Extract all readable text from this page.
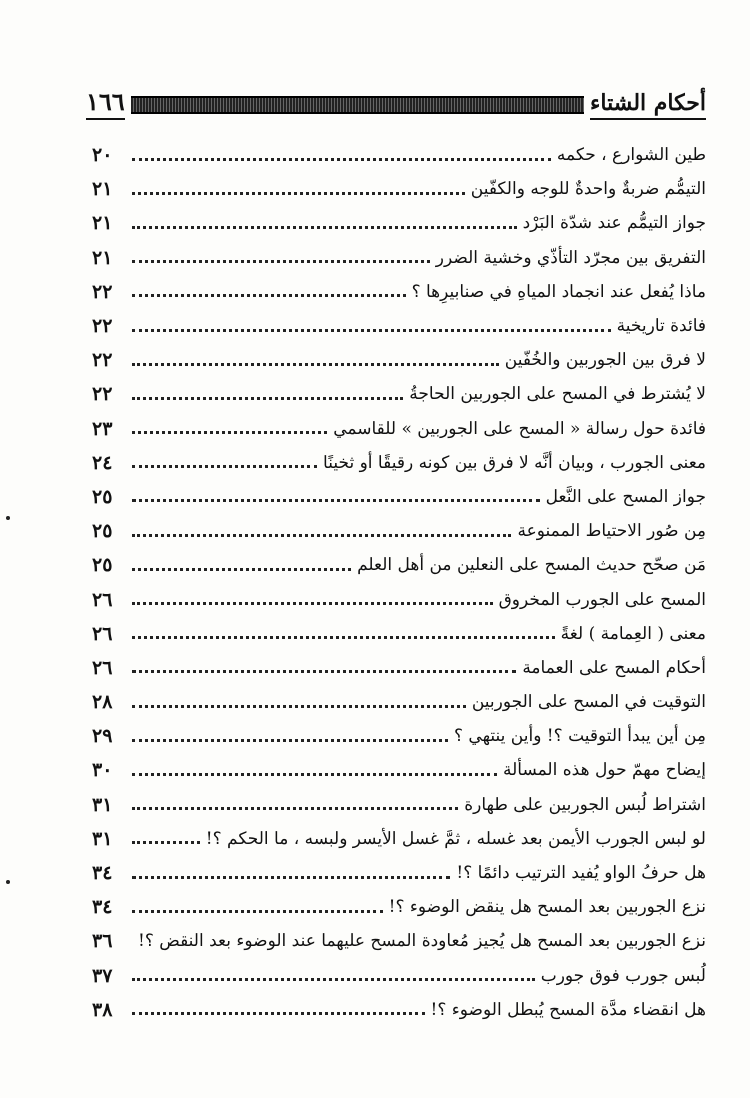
أحكام الشتاء
١٦٦
طين الشوارع ، حكمه
٢٠
التيمُّم ضربةٌ واحدةٌ للوجه والكفّين
٢١
جواز التيمُّم عند شدّة البَرْد
٢١
التفريق بين مجرّد التأذّي وخشية الضرر
٢١
ماذا يُفعل عند انجماد المياهِ في صنابيرِها ؟
٢٢
فائدة تاريخية
٢٢
لا فرق بين الجوربين والخُفّين
٢٢
لا يُشترط في المسح على الجوربين الحاجةُ
٢٢
فائدة حول رسالة « المسح على الجوربين » للقاسمي
٢٣
معنى الجورب ، وبيان أنَّه لا فرق بين كونه رقيقًا أو ثخينًا
٢٤
جواز المسح على النَّعل
٢٥
مِن صُور الاحتياط الممنوعة
٢٥
مَن صحّح حديث المسح على النعلين من أهل العلم
٢٥
المسح على الجورب المخروق
٢٦
معنى ( العِمامة ) لغةً
٢٦
أحكام المسح على العمامة
٢٦
التوقيت في المسح على الجوربين
٢٨
مِن أين يبدأ التوقيت ؟! وأين ينتهي ؟
٢٩
إيضاح مهمّ حول هذه المسألة
٣٠
اشتراط لُبس الجوربين على طهارة
٣١
لو لبس الجورب الأيمن بعد غسله ، ثمَّ غسل الأيسر ولبسه ، ما الحكم ؟!
٣١
هل حرفُ الواو يُفيد الترتيب دائمًا ؟!
٣٤
نزع الجوربين بعد المسح هل ينقض الوضوء ؟!
٣٤
نزع الجوربين بعد المسح هل يُجيز مُعاودة المسح عليهما عند الوضوء بعد النقض ؟!
٣٦
لُبس جورب فوق جورب
٣٧
هل انقضاء مدَّة المسح يُبطل الوضوء ؟!
٣٨
